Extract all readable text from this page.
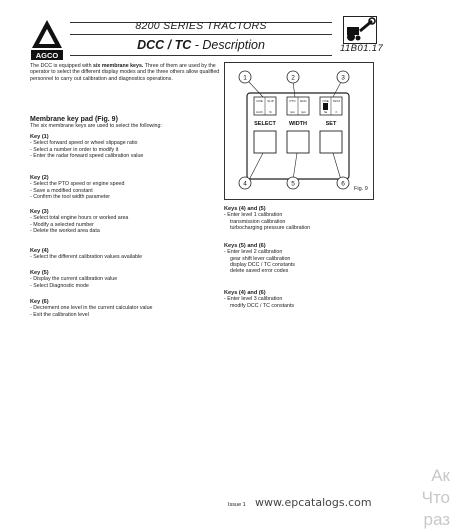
AGCO
8200 SERIES TRACTORS
DCC / TC - Description	11B01.17

The DCC is equipped with six membrane keys. Three of them are used by the operator to select the different display modes and the three others allow qualified personnel to carry out calibration and diagnostics operations.

Membrane key pad (Fig. 9)

The six membrane keys are used to select the following:

Key (1)

- Select forward speed or wheel slippage ratio

- Select a number in order to modify it

- Enter the radar forward speed calibration value

Key (2)

- Select the PTO speed or engine speed

- Save a modified constant

- Confirm the tool width parameter

Key (3)

- Select total engine hours or worked area

- Modify a selected number

- Delete the worked area data

Key (4)

- Select the different calibration values available

Key (5)

- Display the current calibration value

- Select Diagnostic mode

Key (6)

- Decrement one level in the current calculator value

- Exit the calibration level

ONE SLIP	PTO ENG	ONE TEST
km/h %	rpm rpm	ha	h
SELECT WIDTH	SET
1	2	3
4	5	6
Fig. 9

Keys (4) and (5)

- Enter level 1 calibration

transmission calibration

turbocharging pressure calibration

Keys (5) and (6)

- Enter level 2 calibration

gear shift lever calibration

display DCC / TC constants

delete saved error codes

Keys (4) and (6)

- Enter level 3 calibration

modify DCC / TC constants

Issue 1 www.epcatalogs.com
Ак
Что
раз
